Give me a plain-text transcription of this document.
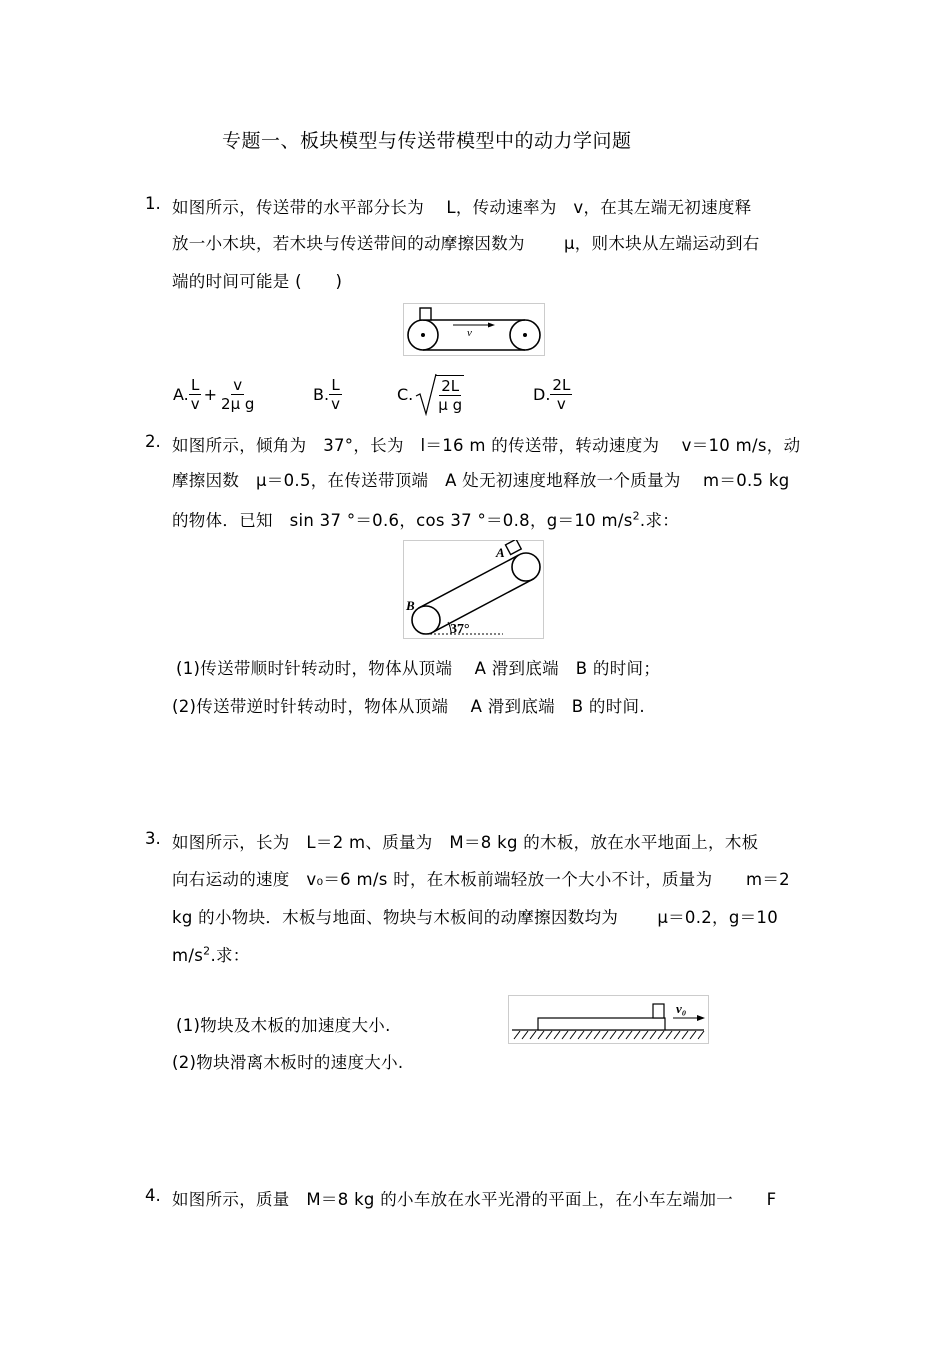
专题一、板块模型与传送带模型中的动力学问题
1. 如图所示，传送带的水平部分长为　 L，传动速率为　v，在其左端无初速度释
放一小木块，若木块与传送带间的动摩擦因数为　　 μ，则木块从左端运动到右
端的时间可能是 (　　)
v
A. $\frac{L}{v} + \frac{v}{\text{2μ g}}$	B. $\frac{L}{v}$	C. $\frac{2L}{\text{μ g}}$	D. $\frac{2L}{v}$
2. 如图所示，倾角为　37°，长为　l＝16 m 的传送带，转动速度为　 v＝10 m/s，动
摩擦因数　μ＝0.5，在传送带顶端　A 处无初速度地释放一个质量为　 m＝0.5 kg
的物体．已知　sin 37 °＝0.6，cos 37 °＝0.8，g＝10 $m/s^2$.求：
A
B
37°
(1)传送带顺时针转动时，物体从顶端　 A 滑到底端　B 的时间；
(2)传送带逆时针转动时，物体从顶端　 A 滑到底端　B 的时间.
3. 如图所示，长为　L＝2 m、质量为　M＝8 kg 的木板，放在水平地面上，木板
向右运动的速度　v₀＝6 m/s 时，在木板前端轻放一个大小不计，质量为　　m＝2
kg 的小物块．木板与地面、物块与木板间的动摩擦因数均为　　 μ＝0.2，g＝10
$m/s^2$.求：
(1)物块及木板的加速度大小.
(2)物块滑离木板时的速度大小.
v₀
4. 如图所示，质量　M＝8 kg 的小车放在水平光滑的平面上，在小车左端加一　　F
